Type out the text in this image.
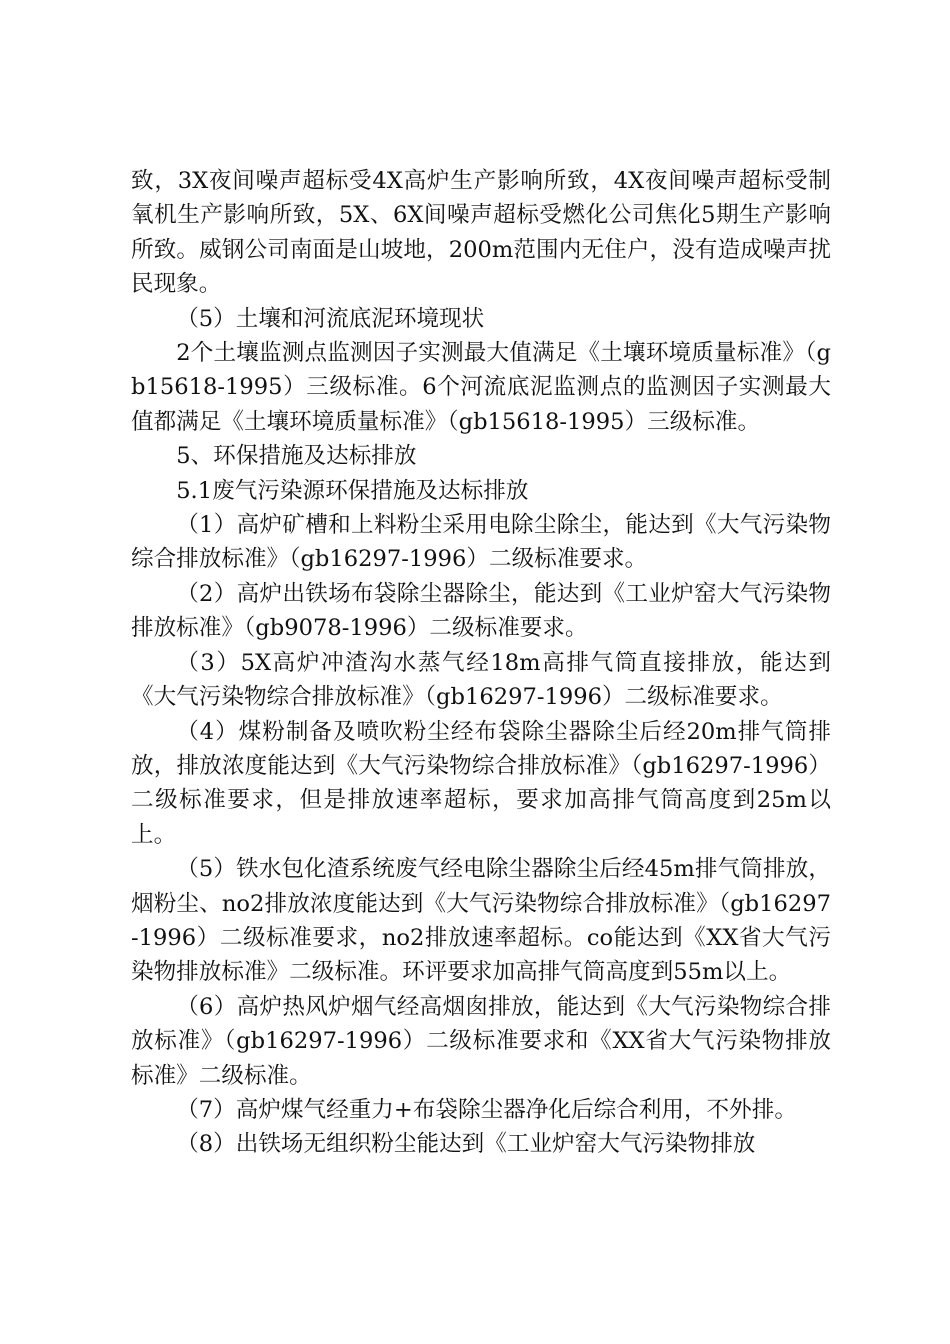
致，3X夜间噪声超标受4X高炉生产影响所致，4X夜间噪声超标受制氧机生产影响所致，5X、6X间噪声超标受燃化公司焦化5期生产影响所致。威钢公司南面是山坡地，200m范围内无住户，没有造成噪声扰民现象。

（5）土壤和河流底泥环境现状

2个土壤监测点监测因子实测最大值满足《土壤环境质量标准》（gb15618-1995）三级标准。6个河流底泥监测点的监测因子实测最大值都满足《土壤环境质量标准》（gb15618-1995）三级标准。

5、环保措施及达标排放

5.1废气污染源环保措施及达标排放

（1）高炉矿槽和上料粉尘采用电除尘除尘，能达到《大气污染物综合排放标准》（gb16297-1996）二级标准要求。

（2）高炉出铁场布袋除尘器除尘，能达到《工业炉窑大气污染物排放标准》（gb9078-1996）二级标准要求。

（3）5X高炉冲渣沟水蒸气经18m高排气筒直接排放，能达到《大气污染物综合排放标准》（gb16297-1996）二级标准要求。

（4）煤粉制备及喷吹粉尘经布袋除尘器除尘后经20m排气筒排放，排放浓度能达到《大气污染物综合排放标准》（gb16297-1996）二级标准要求，但是排放速率超标，要求加高排气筒高度到25m以上。

（5）铁水包化渣系统废气经电除尘器除尘后经45m排气筒排放，烟粉尘、no2排放浓度能达到《大气污染物综合排放标准》（gb16297-1996）二级标准要求，no2排放速率超标。co能达到《XX省大气污染物排放标准》二级标准。环评要求加高排气筒高度到55m以上。

（6）高炉热风炉烟气经高烟囱排放，能达到《大气污染物综合排放标准》（gb16297-1996）二级标准要求和《XX省大气污染物排放标准》二级标准。

（7）高炉煤气经重力+布袋除尘器净化后综合利用，不外排。

（8）出铁场无组织粉尘能达到《工业炉窑大气污染物排放
